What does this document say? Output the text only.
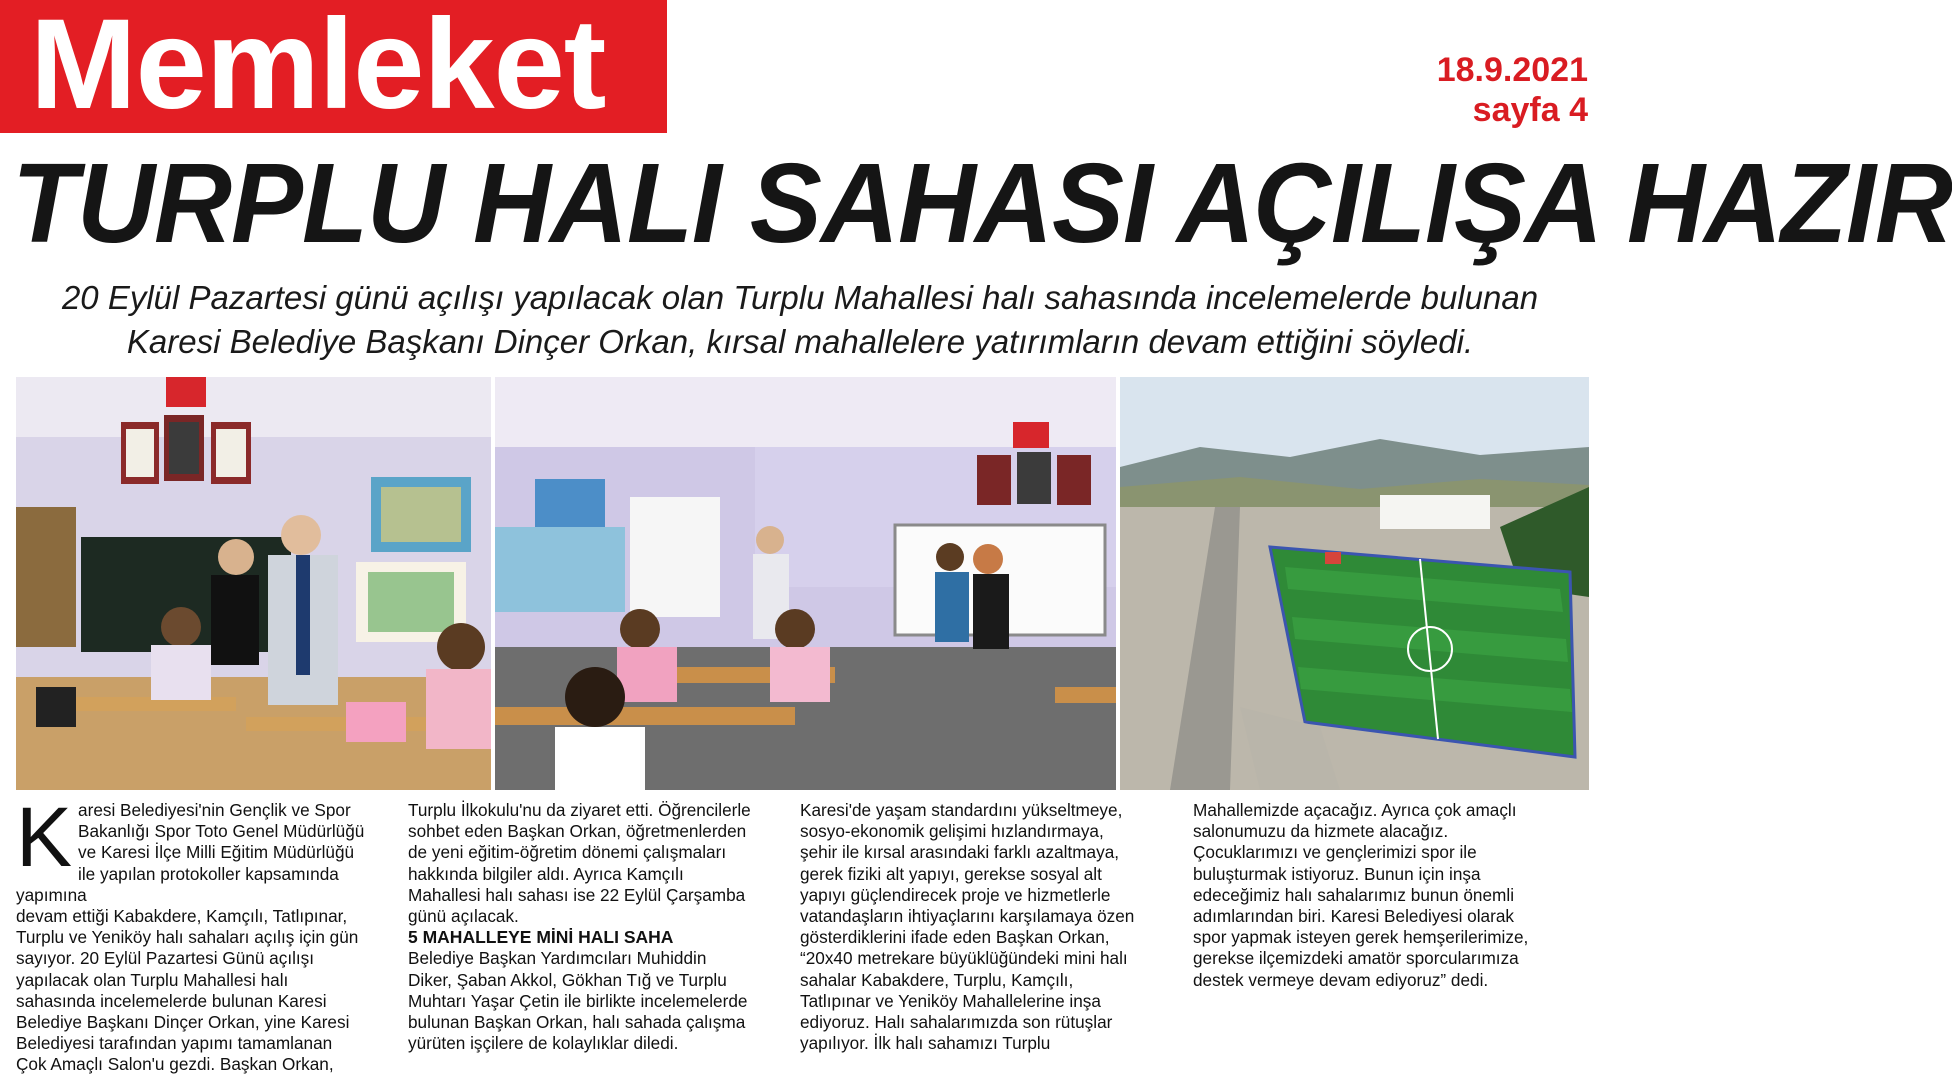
Memleket	18.9.2021
sayfa 4
TURPLU HALI SAHASI AÇILIŞA HAZIR
20 Eylül Pazartesi günü açılışı yapılacak olan Turplu Mahallesi halı sahasında incelemelerde bulunan
Karesi Belediye Başkanı Dinçer Orkan, kırsal mahallelere yatırımların devam ettiğini söyledi.
K aresi Belediyesi'nin Gençlik ve Spor
Bakanlığı Spor Toto Genel Müdürlüğü
ve Karesi İlçe Milli Eğitim Müdürlüğü
ile yapılan protokoller kapsamında yapımına
devam ettiği Kabakdere, Kamçılı, Tatlıpınar,
Turplu ve Yeniköy halı sahaları açılış için gün
sayıyor. 20 Eylül Pazartesi Günü açılışı
yapılacak olan Turplu Mahallesi halı
sahasında incelemelerde bulunan Karesi
Belediye Başkanı Dinçer Orkan, yine Karesi
Belediyesi tarafından yapımı tamamlanan
Çok Amaçlı Salon'u gezdi. Başkan Orkan,
Turplu İlkokulu'nu da ziyaret etti. Öğrencilerle
sohbet eden Başkan Orkan, öğretmenlerden
de yeni eğitim-öğretim dönemi çalışmaları
hakkında bilgiler aldı. Ayrıca Kamçılı
Mahallesi halı sahası ise 22 Eylül Çarşamba
günü açılacak.
5 MAHALLEYE MİNİ HALI SAHA
Belediye Başkan Yardımcıları Muhiddin
Diker, Şaban Akkol, Gökhan Tığ ve Turplu
Muhtarı Yaşar Çetin ile birlikte incelemelerde
bulunan Başkan Orkan, halı sahada çalışma
yürüten işçilere de kolaylıklar diledi.
Karesi'de yaşam standardını yükseltmeye,
sosyo-ekonomik gelişimi hızlandırmaya,
şehir ile kırsal arasındaki farklı azaltmaya,
gerek fiziki alt yapıyı, gerekse sosyal alt
yapıyı güçlendirecek proje ve hizmetlerle
vatandaşların ihtiyaçlarını karşılamaya özen
gösterdiklerini ifade eden Başkan Orkan,
“20x40 metrekare büyüklüğündeki mini halı
sahalar Kabakdere, Turplu, Kamçılı,
Tatlıpınar ve Yeniköy Mahallelerine inşa
ediyoruz. Halı sahalarımızda son rütuşlar
yapılıyor. İlk halı sahamızı Turplu
Mahallemizde açacağız. Ayrıca çok amaçlı
salonumuzu da hizmete alacağız.
Çocuklarımızı ve gençlerimizi spor ile
buluşturmak istiyoruz. Bunun için inşa
edeceğimiz halı sahalarımız bunun önemli
adımlarından biri. Karesi Belediyesi olarak
spor yapmak isteyen gerek hemşerilerimize,
gerekse ilçemizdeki amatör sporcularımıza
destek vermeye devam ediyoruz” dedi.
